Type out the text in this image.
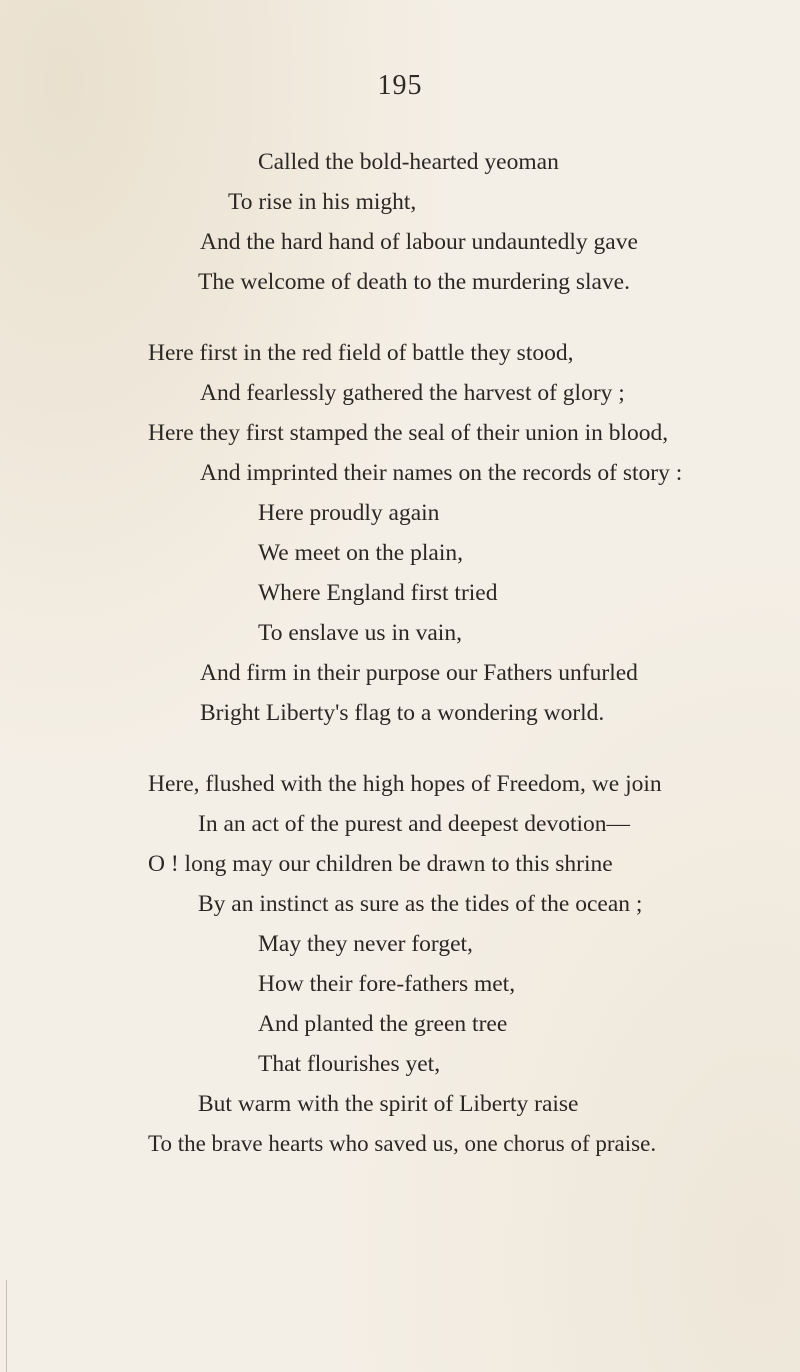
195
Called the bold-hearted yeoman
To rise in his might,
And the hard hand of labour undauntedly gave
The welcome of death to the murdering slave.
Here first in the red field of battle they stood,
And fearlessly gathered the harvest of glory ;
Here they first stamped the seal of their union in blood,
And imprinted their names on the records of story :
Here proudly again
We meet on the plain,
Where England first tried
To enslave us in vain,
And firm in their purpose our Fathers unfurled
Bright Liberty's flag to a wondering world.
Here, flushed with the high hopes of Freedom, we join
In an act of the purest and deepest devotion—
O ! long may our children be drawn to this shrine
By an instinct as sure as the tides of the ocean ;
May they never forget,
How their fore-fathers met,
And planted the green tree
That flourishes yet,
But warm with the spirit of Liberty raise
To the brave hearts who saved us, one chorus of praise.
